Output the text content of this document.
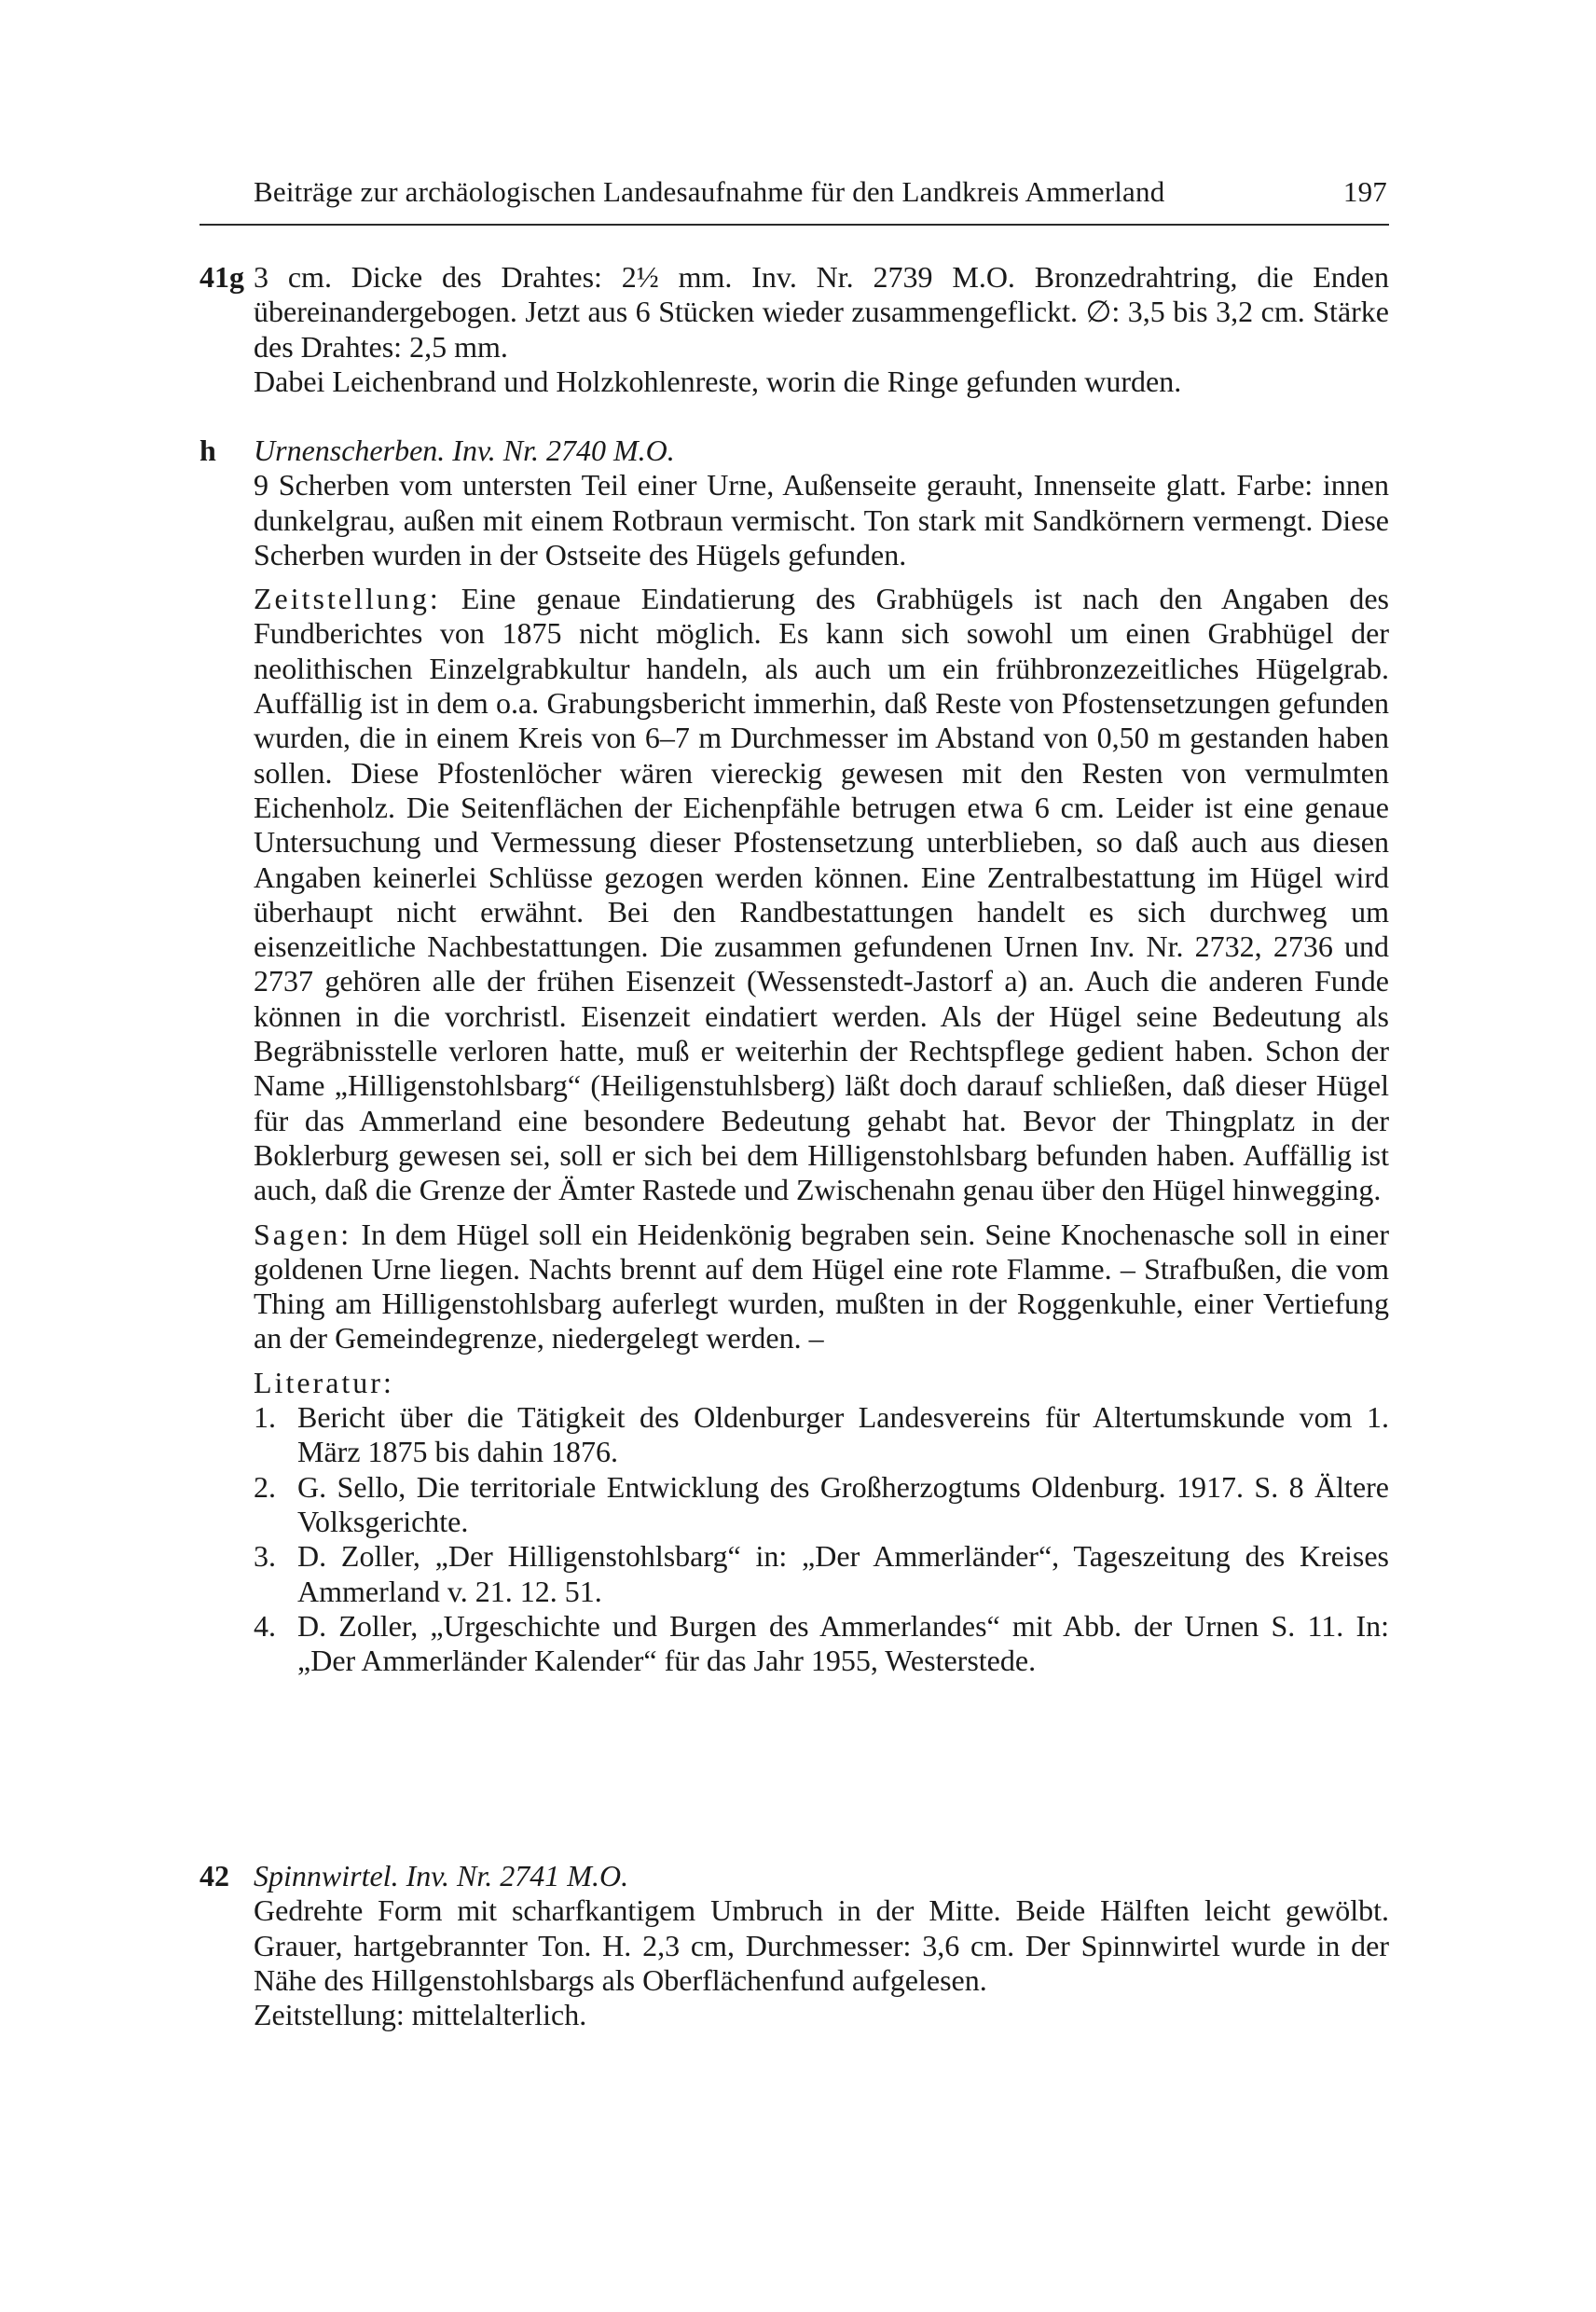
Beiträge zur archäologischen Landesaufnahme für den Landkreis Ammerland	197
41g 3 cm. Dicke des Drahtes: 2½ mm. Inv. Nr. 2739 M.O. Bronzedrahtring, die Enden übereinandergebogen. Jetzt aus 6 Stücken wieder zusammengeflickt. ∅: 3,5 bis 3,2 cm. Stärke des Drahtes: 2,5 mm.

Dabei Leichenbrand und Holzkohlenreste, worin die Ringe gefunden wurden.

h Urnenscherben. Inv. Nr. 2740 M.O.

9 Scherben vom untersten Teil einer Urne, Außenseite gerauht, Innenseite glatt. Farbe: innen dunkelgrau, außen mit einem Rotbraun vermischt. Ton stark mit Sandkörnern vermengt. Diese Scherben wurden in der Ostseite des Hügels gefunden.

Zeitstellung: Eine genaue Eindatierung des Grabhügels ist nach den Angaben des Fundberichtes von 1875 nicht möglich. Es kann sich sowohl um einen Grabhügel der neolithischen Einzelgrabkultur handeln, als auch um ein frühbronzezeitliches Hügelgrab. Auffällig ist in dem o.a. Grabungsbericht immerhin, daß Reste von Pfostensetzungen gefunden wurden, die in einem Kreis von 6–7 m Durchmesser im Abstand von 0,50 m gestanden haben sollen. Diese Pfostenlöcher wären viereckig gewesen mit den Resten von vermulmten Eichenholz. Die Seitenflächen der Eichenpfähle betrugen etwa 6 cm. Leider ist eine genaue Untersuchung und Vermessung dieser Pfostensetzung unterblieben, so daß auch aus diesen Angaben keinerlei Schlüsse gezogen werden können. Eine Zentralbestattung im Hügel wird überhaupt nicht erwähnt. Bei den Randbestattungen handelt es sich durchweg um eisenzeitliche Nachbestattungen. Die zusammen gefundenen Urnen Inv. Nr. 2732, 2736 und 2737 gehören alle der frühen Eisenzeit (Wessenstedt-Jastorf a) an. Auch die anderen Funde können in die vorchristl. Eisenzeit eindatiert werden. Als der Hügel seine Bedeutung als Begräbnisstelle verloren hatte, muß er weiterhin der Rechtspflege gedient haben. Schon der Name „Hilligenstohlsbarg“ (Heiligenstuhlsberg) läßt doch darauf schließen, daß dieser Hügel für das Ammerland eine besondere Bedeutung gehabt hat. Bevor der Thingplatz in der Boklerburg gewesen sei, soll er sich bei dem Hilligenstohlsbarg befunden haben. Auffällig ist auch, daß die Grenze der Ämter Rastede und Zwischenahn genau über den Hügel hinwegging.

Sagen: In dem Hügel soll ein Heidenkönig begraben sein. Seine Knochenasche soll in einer goldenen Urne liegen. Nachts brennt auf dem Hügel eine rote Flamme. – Strafbußen, die vom Thing am Hilligenstohlsbarg auferlegt wurden, mußten in der Roggenkuhle, einer Vertiefung an der Gemeindegrenze, niedergelegt werden. –

Literatur:

1. Bericht über die Tätigkeit des Oldenburger Landesvereins für Altertumskunde vom 1. März 1875 bis dahin 1876.
2. G. Sello, Die territoriale Entwicklung des Großherzogtums Oldenburg. 1917. S. 8 Ältere Volksgerichte.
3. D. Zoller, „Der Hilligenstohlsbarg“ in: „Der Ammerländer“, Tageszeitung des Kreises Ammerland v. 21. 12. 51.
4. D. Zoller, „Urgeschichte und Burgen des Ammerlandes“ mit Abb. der Urnen S. 11. In: „Der Ammerländer Kalender“ für das Jahr 1955, Westerstede.
42 Spinnwirtel. Inv. Nr. 2741 M.O.

Gedrehte Form mit scharfkantigem Umbruch in der Mitte. Beide Hälften leicht gewölbt. Grauer, hartgebrannter Ton. H. 2,3 cm, Durchmesser: 3,6 cm. Der Spinnwirtel wurde in der Nähe des Hillgenstohlsbargs als Oberflächenfund aufgelesen.

Zeitstellung: mittelalterlich.
